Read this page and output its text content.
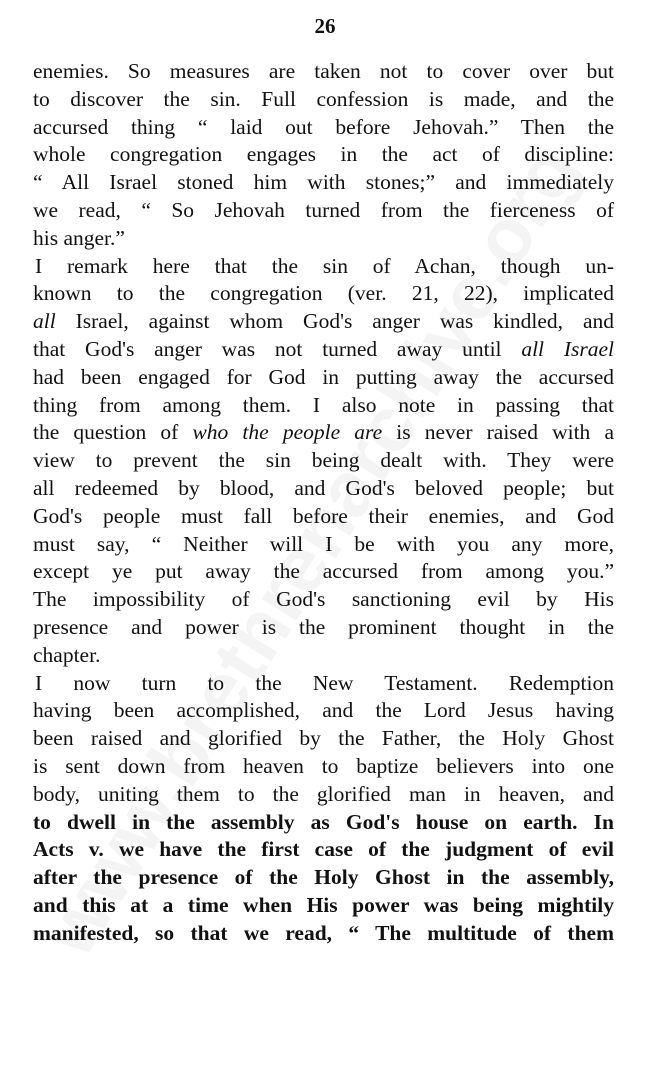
26
enemies. So measures are taken not to cover over but
to discover the sin. Full confession is made, and the
accursed thing “ laid out before Jehovah.” Then the
whole congregation engages in the act of discipline:
“ All Israel stoned him with stones;” and immediately
we read, “ So Jehovah turned from the fierceness of
his anger.”
I remark here that the sin of Achan, though un-
known to the congregation (ver. 21, 22), implicated
all Israel, against whom God's anger was kindled, and
that God's anger was not turned away until all Israel
had been engaged for God in putting away the accursed
thing from among them. I also note in passing that
the question of who the people are is never raised with a
view to prevent the sin being dealt with. They were
all redeemed by blood, and God's beloved people; but
God's people must fall before their enemies, and God
must say, “ Neither will I be with you any more,
except ye put away the accursed from among you.”
The impossibility of God's sanctioning evil by His
presence and power is the prominent thought in the
chapter.
I now turn to the New Testament. Redemption
having been accomplished, and the Lord Jesus having
been raised and glorified by the Father, the Holy Ghost
is sent down from heaven to baptize believers into one
body, uniting them to the glorified man in heaven, and
to dwell in the assembly as God's house on earth. In
Acts v. we have the first case of the judgment of evil
after the presence of the Holy Ghost in the assembly,
and this at a time when His power was being mightily
manifested, so that we read, “ The multitude of them
